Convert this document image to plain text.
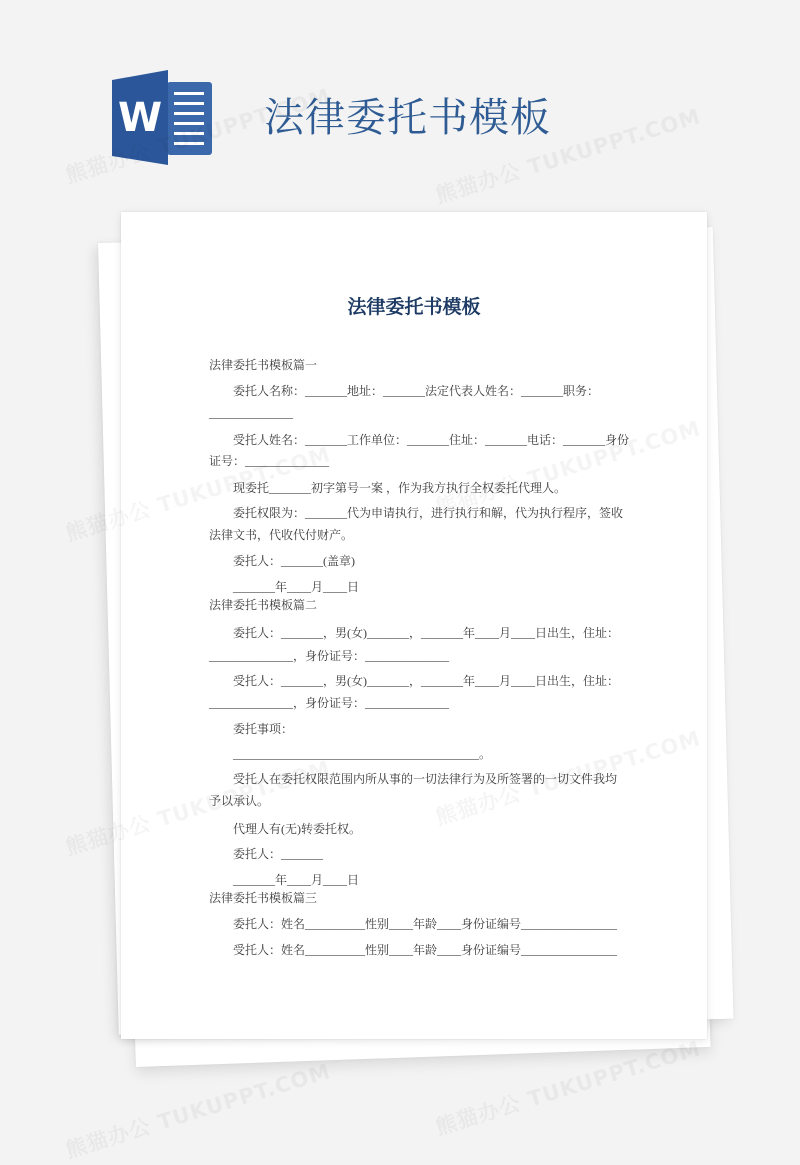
W	法律委托书模板
法律委托书模板
法律委托书模板篇一
委托人名称：_______地址：_______法定代表人姓名：_______职务：
______________
受托人姓名：_______工作单位：_______住址：_______电话：_______身份
证号：______________
现委托_______初字第号一案 ，作为我方执行全权委托代理人。
委托权限为：_______代为申请执行，进行执行和解，代为执行程序，签收
法律文书，代收代付财产。
委托人：_______(盖章)
_______年____月____日
法律委托书模板篇二
委托人：_______，男(女)_______，_______年____月____日出生，住址：
______________，身份证号：______________
受托人：_______，男(女)_______，_______年____月____日出生，住址：
______________，身份证号：______________
委托事项：
_________________________________________。
受托人在委托权限范围内所从事的一切法律行为及所签署的一切文件我均
予以承认。
代理人有(无)转委托权。
委托人：_______
_______年____月____日
法律委托书模板篇三
委托人：姓名__________性别____年龄____身份证编号________________
受托人：姓名__________性别____年龄____身份证编号________________
